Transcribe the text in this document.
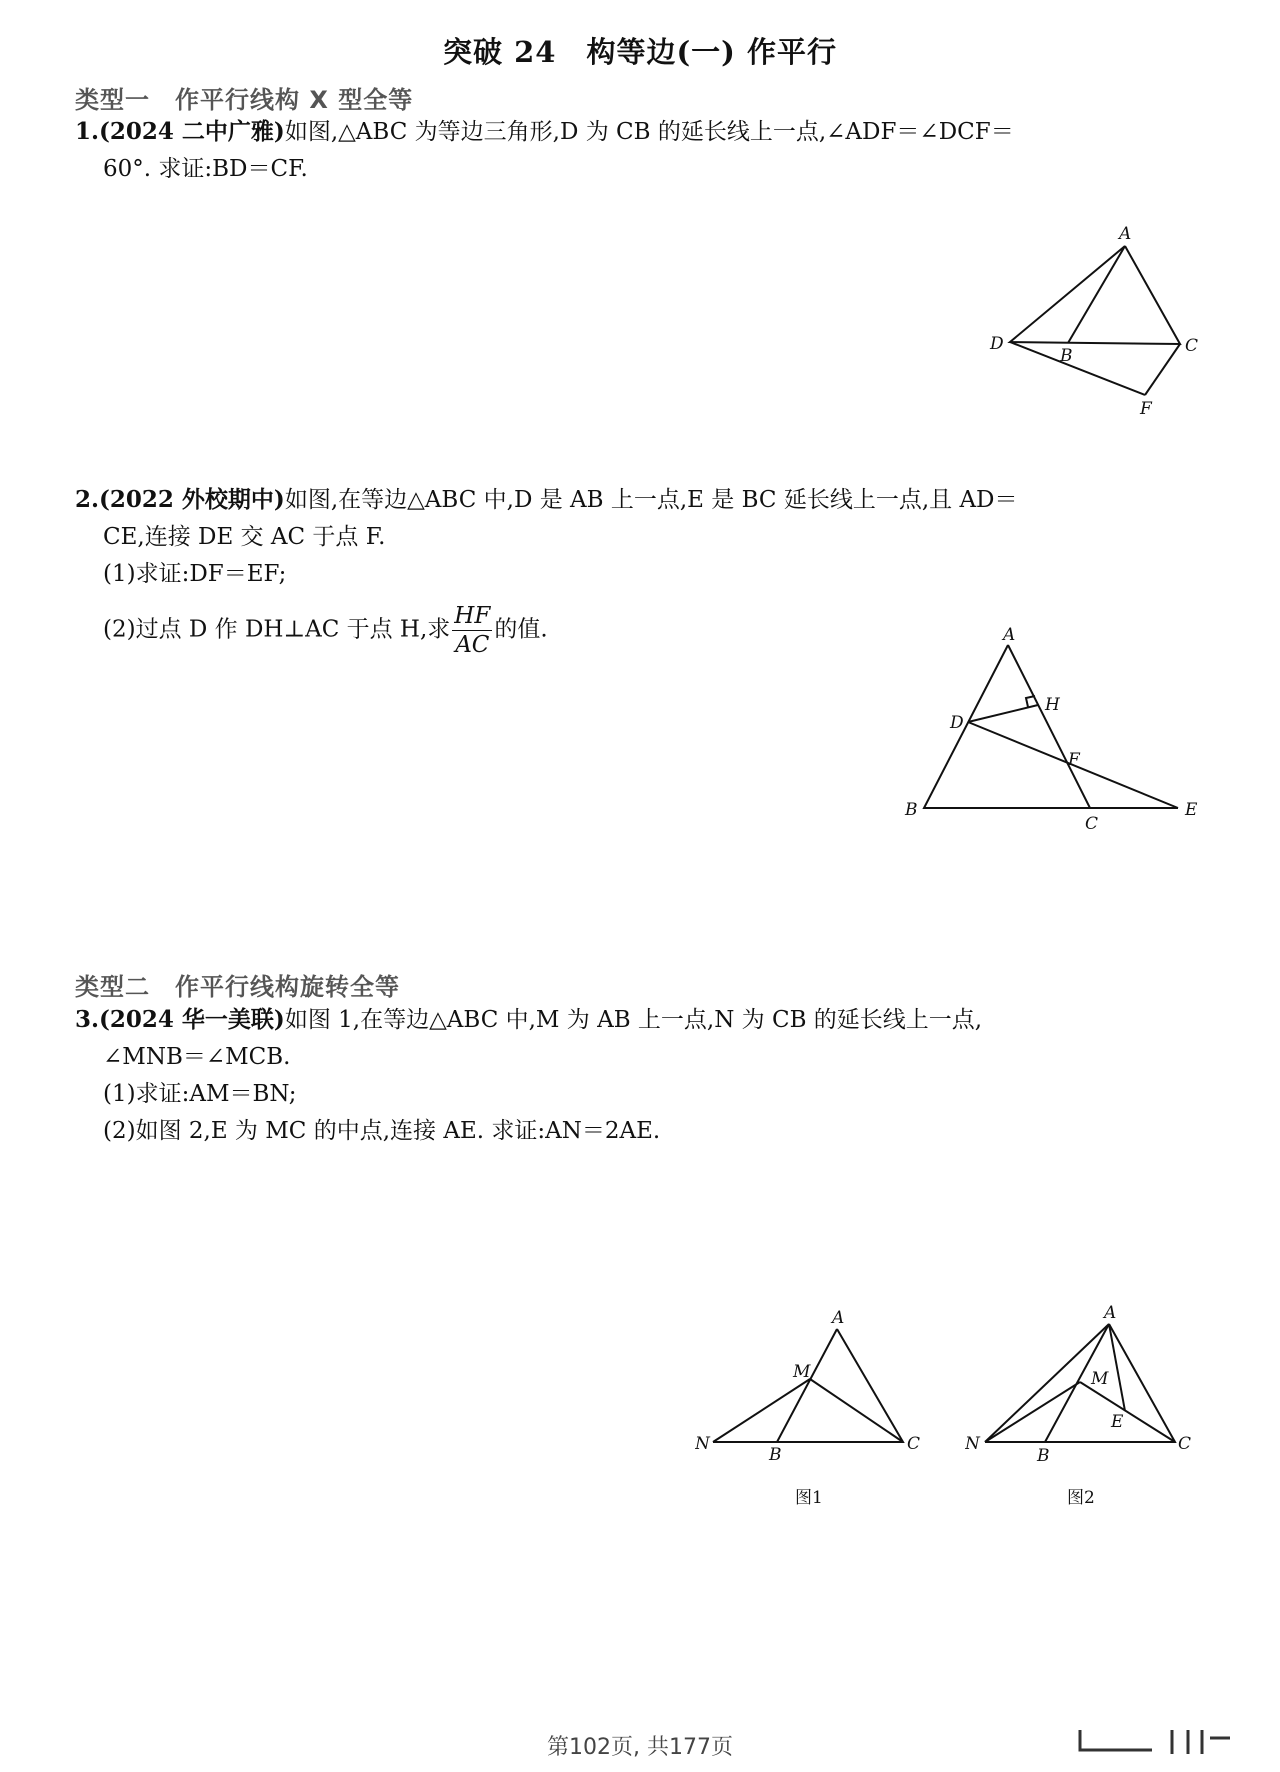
突破 24　构等边(一) 作平行
类型一　作平行线构 X 型全等
1.(2024 二中广雅)如图,△ABC 为等边三角形,D 为 CB 的延长线上一点,∠ADF＝∠DCF＝
60°. 求证:BD＝CF.
A
D
B	C
F
2.(2022 外校期中)如图,在等边△ABC 中,D 是 AB 上一点,E 是 BC 延长线上一点,且 AD＝
CE,连接 DE 交 AC 于点 F.
(1)求证:DF＝EF;
(2)过点 D 作 DH⊥AC 于点 H,求 $\frac{HF}{AC}$ 的值.	A
H
D
F
B
C
E
类型二　作平行线构旋转全等
3.(2024 华一美联)如图 1,在等边△ABC 中,M 为 AB 上一点,N 为 CB 的延长线上一点,
∠MNB＝∠MCB.
(1)求证:AM＝BN;
(2)如图 2,E 为 MC 的中点,连接 AE. 求证:AN＝2AE.
A
M
N
B
C
图1
A
M
E
N
B
C
图2
第102页, 共177页
